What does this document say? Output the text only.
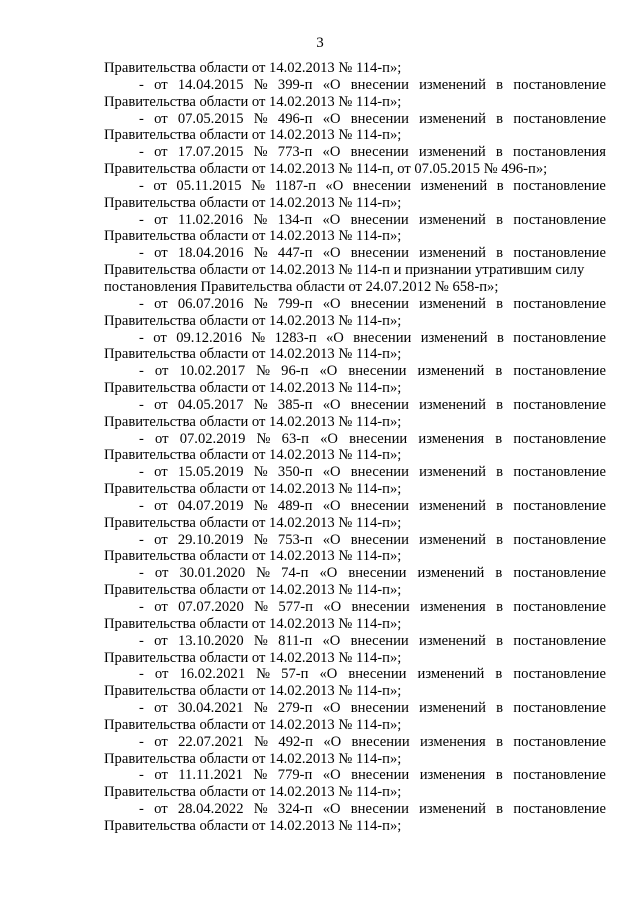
3
Правительства области от 14.02.2013 № 114-п»;
- от 14.04.2015 № 399-п «О внесении изменений в постановление
Правительства области от 14.02.2013 № 114-п»;
- от 07.05.2015 № 496-п «О внесении изменений в постановление
Правительства области от 14.02.2013 № 114-п»;
- от 17.07.2015 № 773-п «О внесении изменений в постановления
Правительства области от 14.02.2013 № 114-п, от 07.05.2015 № 496-п»;
- от 05.11.2015 № 1187-п «О внесении изменений в постановление
Правительства области от 14.02.2013 № 114-п»;
- от 11.02.2016 № 134-п «О внесении изменений в постановление
Правительства области от 14.02.2013 № 114-п»;
- от 18.04.2016 № 447-п «О внесении изменений в постановление
Правительства области от 14.02.2013 № 114-п и признании утратившим силу
постановления Правительства области от 24.07.2012 № 658-п»;
- от 06.07.2016 № 799-п «О внесении изменений в постановление
Правительства области от 14.02.2013 № 114-п»;
- от 09.12.2016 № 1283-п «О внесении изменений в постановление
Правительства области от 14.02.2013 № 114-п»;
- от 10.02.2017 № 96-п «О внесении изменений в постановление
Правительства области от 14.02.2013 № 114-п»;
- от 04.05.2017 № 385-п «О внесении изменений в постановление
Правительства области от 14.02.2013 № 114-п»;
- от 07.02.2019 № 63-п «О внесении изменения в постановление
Правительства области от 14.02.2013 № 114-п»;
- от 15.05.2019 № 350-п «О внесении изменений в постановление
Правительства области от 14.02.2013 № 114-п»;
- от 04.07.2019 № 489-п «О внесении изменений в постановление
Правительства области от 14.02.2013 № 114-п»;
- от 29.10.2019 № 753-п «О внесении изменений в постановление
Правительства области от 14.02.2013 № 114-п»;
- от 30.01.2020 № 74-п «О внесении изменений в постановление
Правительства области от 14.02.2013 № 114-п»;
- от 07.07.2020 № 577-п «О внесении изменения в постановление
Правительства области от 14.02.2013 № 114-п»;
- от 13.10.2020 № 811-п «О внесении изменений в постановление
Правительства области от 14.02.2013 № 114-п»;
- от 16.02.2021 № 57-п «О внесении изменений в постановление
Правительства области от 14.02.2013 № 114-п»;
- от 30.04.2021 № 279-п «О внесении изменений в постановление
Правительства области от 14.02.2013 № 114-п»;
- от 22.07.2021 № 492-п «О внесении изменения в постановление
Правительства области от 14.02.2013 № 114-п»;
- от 11.11.2021 № 779-п «О внесении изменения в постановление
Правительства области от 14.02.2013 № 114-п»;
- от 28.04.2022 № 324-п «О внесении изменений в постановление
Правительства области от 14.02.2013 № 114-п»;
